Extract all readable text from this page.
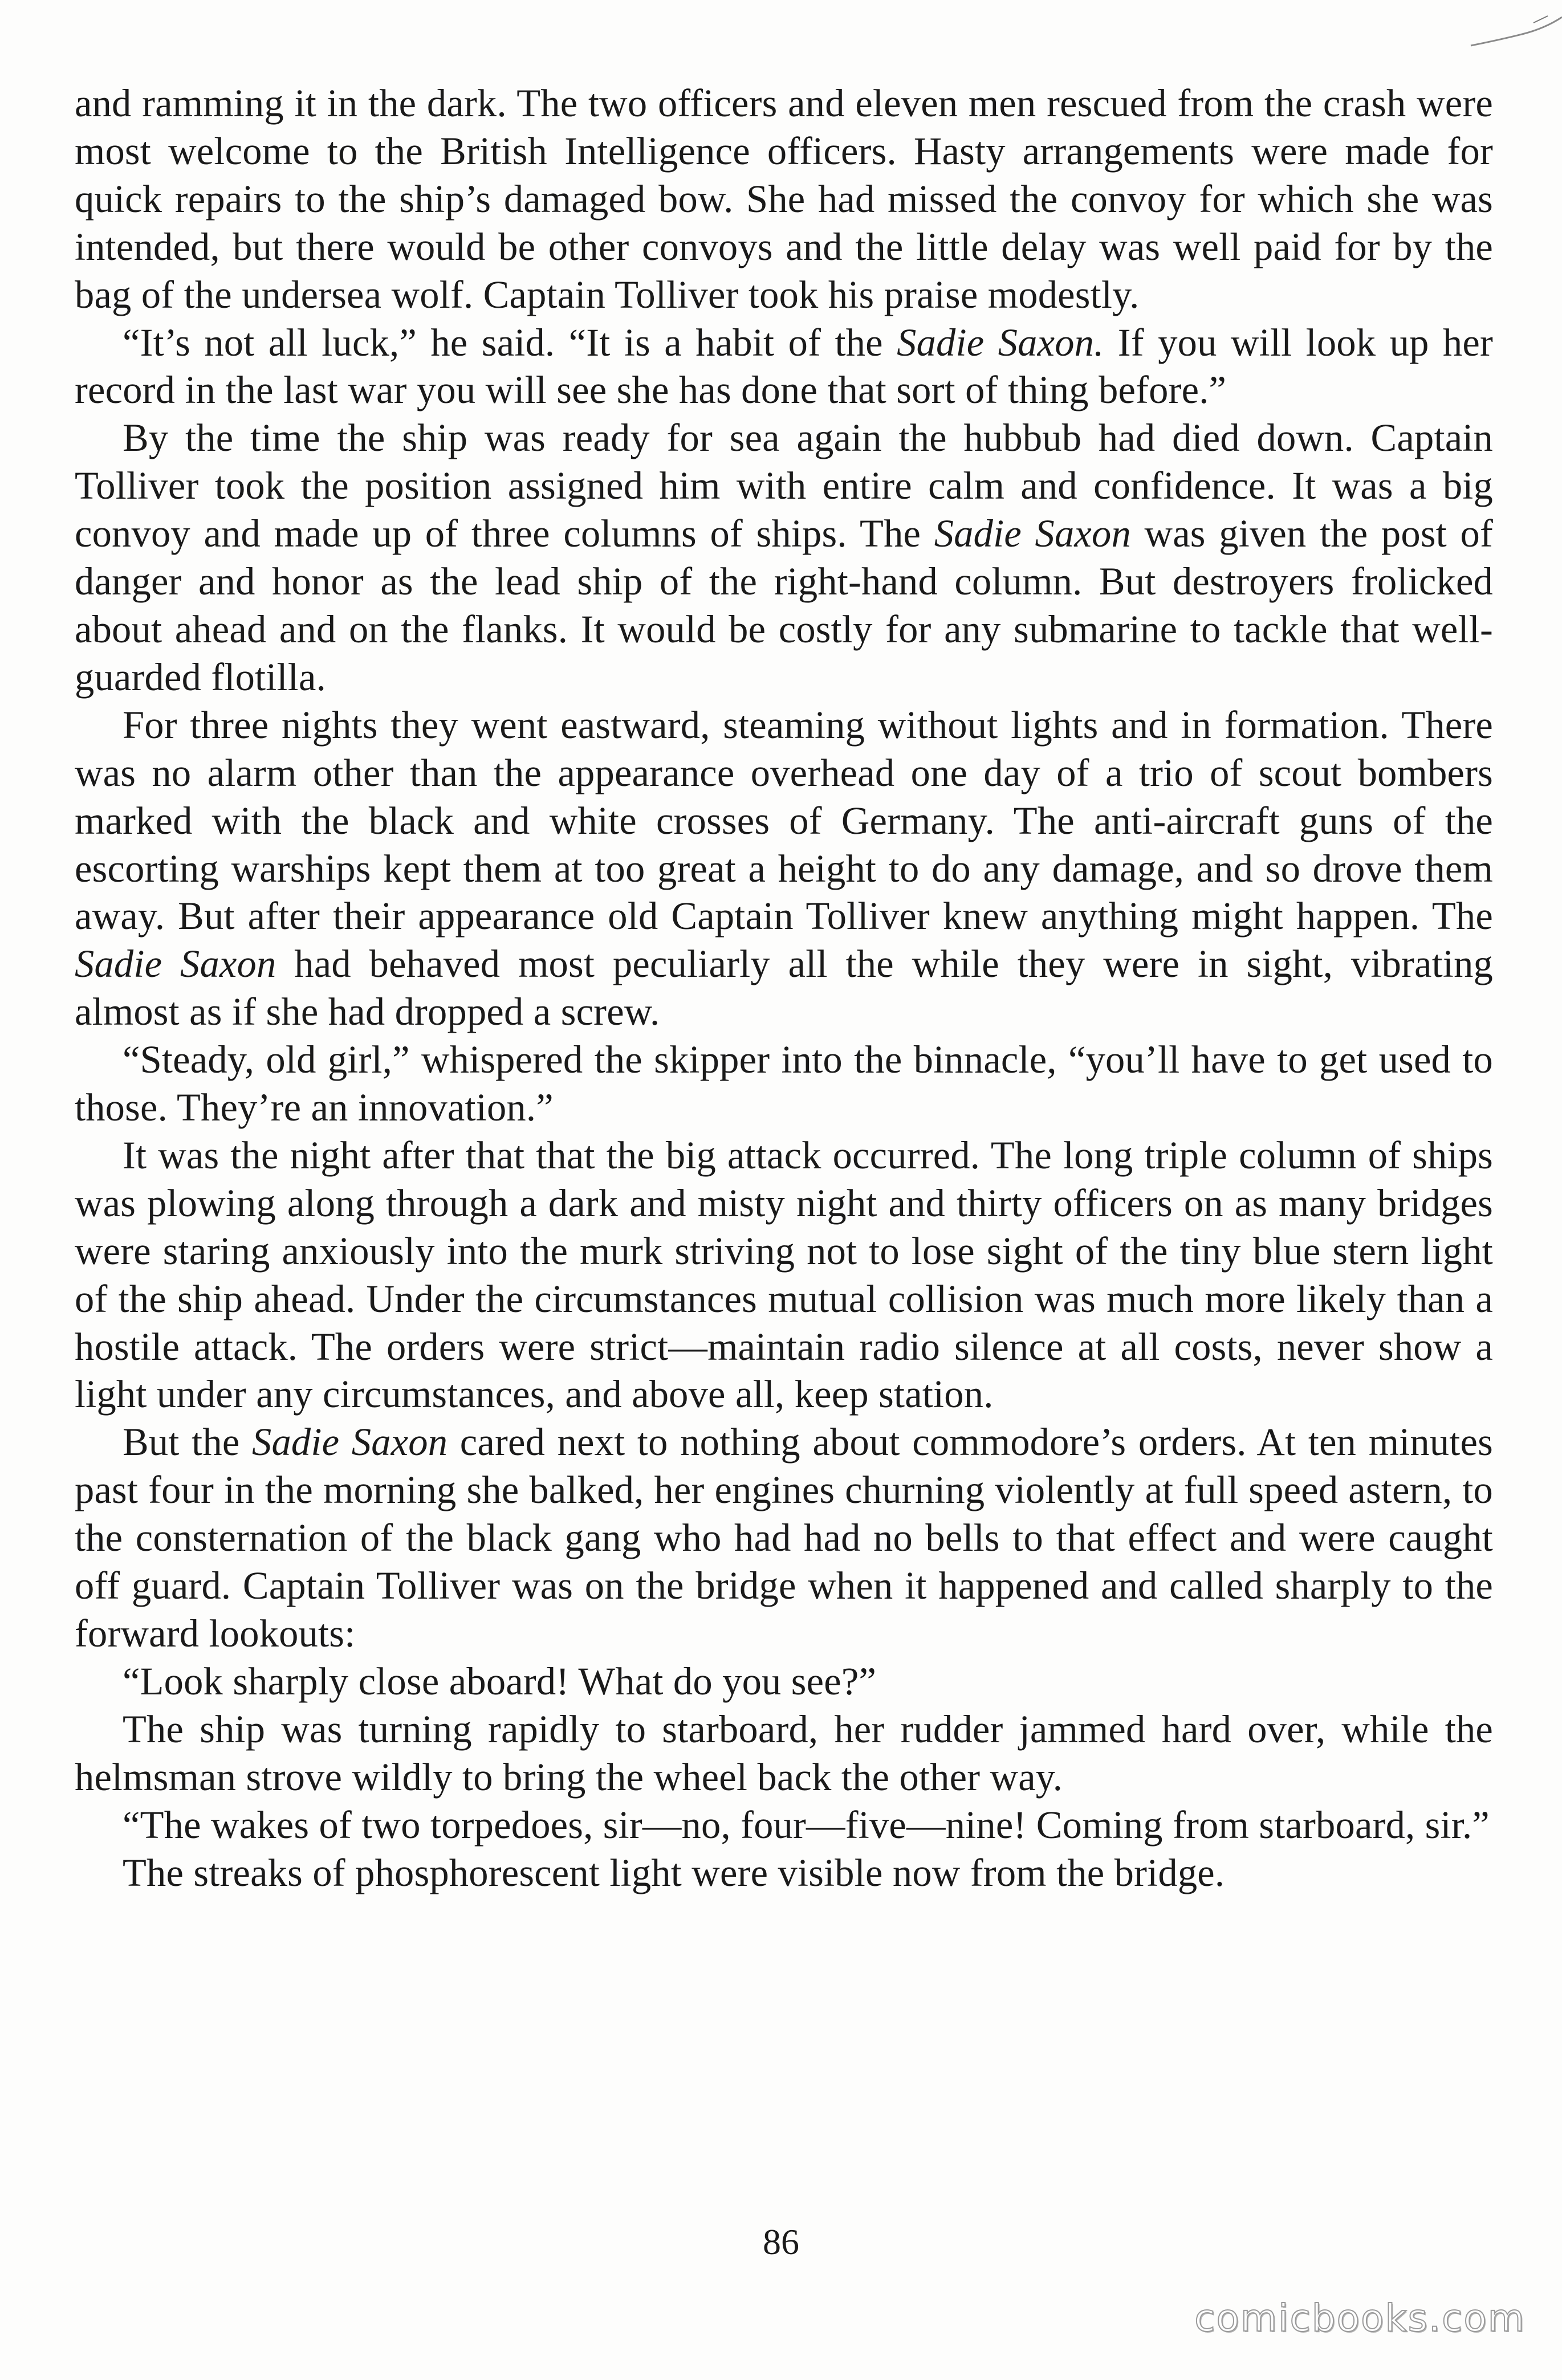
and ramming it in the dark. The two officers and eleven men rescued from the crash were most welcome to the British Intelligence officers. Hasty arrangements were made for quick repairs to the ship’s damaged bow. She had missed the convoy for which she was intended, but there would be other convoys and the little delay was well paid for by the bag of the undersea wolf. Captain Tolliver took his praise modestly.

“It’s not all luck,” he said. “It is a habit of the Sadie Saxon. If you will look up her record in the last war you will see she has done that sort of thing before.”

By the time the ship was ready for sea again the hubbub had died down. Captain Tolliver took the position assigned him with entire calm and confidence. It was a big convoy and made up of three columns of ships. The Sadie Saxon was given the post of danger and honor as the lead ship of the right-hand column. But destroyers frolicked about ahead and on the flanks. It would be costly for any submarine to tackle that well-guarded flotilla.

For three nights they went eastward, steaming without lights and in formation. There was no alarm other than the appearance overhead one day of a trio of scout bombers marked with the black and white crosses of Germany. The anti-aircraft guns of the escorting warships kept them at too great a height to do any damage, and so drove them away. But after their appearance old Captain Tolliver knew anything might happen. The Sadie Saxon had behaved most peculiarly all the while they were in sight, vibrating almost as if she had dropped a screw.

“Steady, old girl,” whispered the skipper into the binnacle, “you’ll have to get used to those. They’re an innovation.”

It was the night after that that the big attack occurred. The long triple column of ships was plowing along through a dark and misty night and thirty officers on as many bridges were staring anxiously into the murk striving not to lose sight of the tiny blue stern light of the ship ahead. Under the circumstances mutual collision was much more likely than a hostile attack. The orders were strict—maintain radio silence at all costs, never show a light under any circumstances, and above all, keep station.

But the Sadie Saxon cared next to nothing about commodore’s orders. At ten minutes past four in the morning she balked, her engines churning violently at full speed astern, to the consternation of the black gang who had had no bells to that effect and were caught off guard. Captain Tolliver was on the bridge when it happened and called sharply to the forward lookouts:

“Look sharply close aboard! What do you see?”

The ship was turning rapidly to starboard, her rudder jammed hard over, while the helmsman strove wildly to bring the wheel back the other way.

“The wakes of two torpedoes, sir—no, four—five—nine! Coming from starboard, sir.”

The streaks of phosphorescent light were visible now from the bridge.

86
comicbooks.com
